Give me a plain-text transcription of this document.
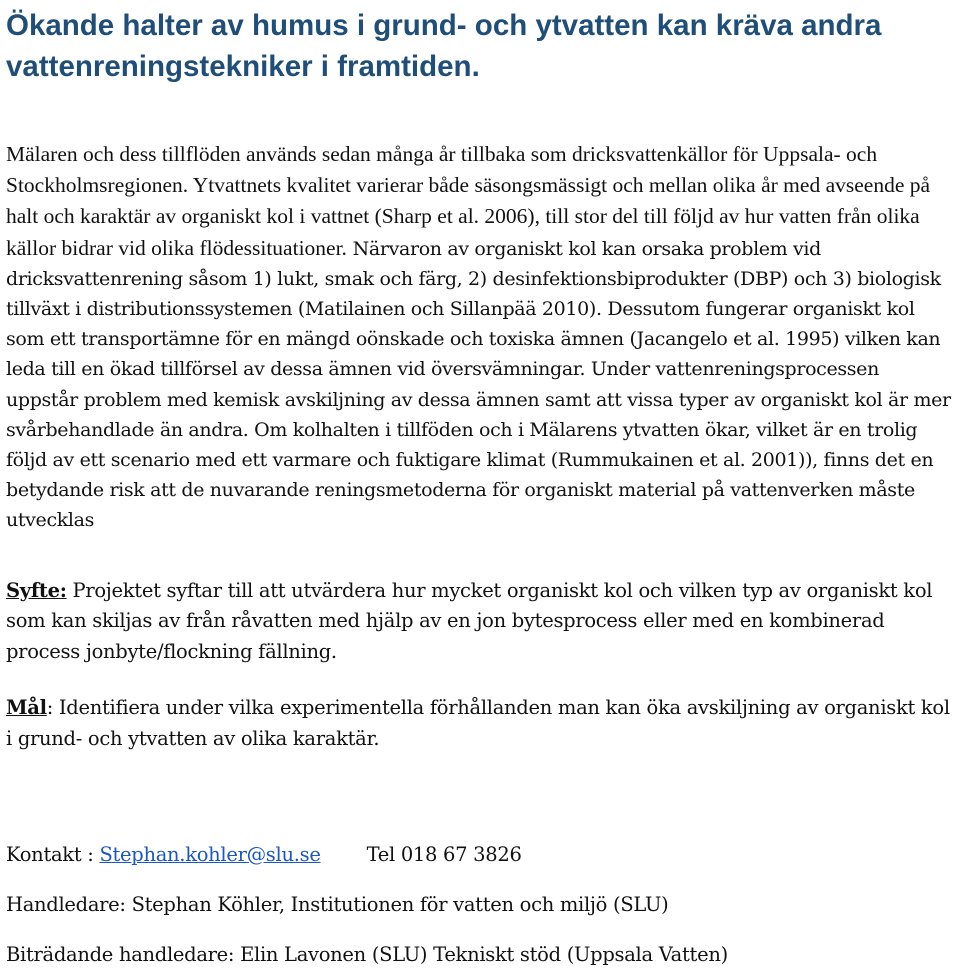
Ökande halter av humus i grund- och ytvatten kan kräva andra vattenreningstekniker i framtiden.

Mälaren och dess tillflöden används sedan många år tillbaka som dricksvattenkällor för Uppsala- och Stockholmsregionen. Ytvattnets kvalitet varierar både säsongsmässigt och mellan olika år med avseende på halt och karaktär av organiskt kol i vattnet (Sharp et al. 2006), till stor del till följd av hur vatten från olika källor bidrar vid olika flödessituationer. Närvaron av organiskt kol kan orsaka problem vid dricksvattenrening såsom 1) lukt, smak och färg, 2) desinfektionsbiprodukter (DBP) och 3) biologisk tillväxt i distributionssystemen (Matilainen och Sillanpää 2010). Dessutom fungerar organiskt kol som ett transportämne för en mängd oönskade och toxiska ämnen (Jacangelo et al. 1995) vilken kan leda till en ökad tillförsel av dessa ämnen vid översvämningar. Under vattenreningsprocessen uppstår problem med kemisk avskiljning av dessa ämnen samt att vissa typer av organiskt kol är mer svårbehandlade än andra. Om kolhalten i tillföden och i Mälarens ytvatten ökar, vilket är en trolig följd av ett scenario med ett varmare och fuktigare klimat (Rummukainen et al. 2001)), finns det en betydande risk att de nuvarande reningsmetoderna för organiskt material på vattenverken måste utvecklas

Syfte: Projektet syftar till att utvärdera hur mycket organiskt kol och vilken typ av organiskt kol som kan skiljas av från råvatten med hjälp av en jon bytesprocess eller med en kombinerad process jonbyte/flockning fällning.

Mål: Identifiera under vilka experimentella förhållanden man kan öka avskiljning av organiskt kol i grund- och ytvatten av olika karaktär.

Kontakt : Stephan.kohler@slu.se Tel 018 67 3826
Handledare: Stephan Köhler, Institutionen för vatten och miljö (SLU)
Biträdande handledare: Elin Lavonen (SLU) Tekniskt stöd (Uppsala Vatten)
